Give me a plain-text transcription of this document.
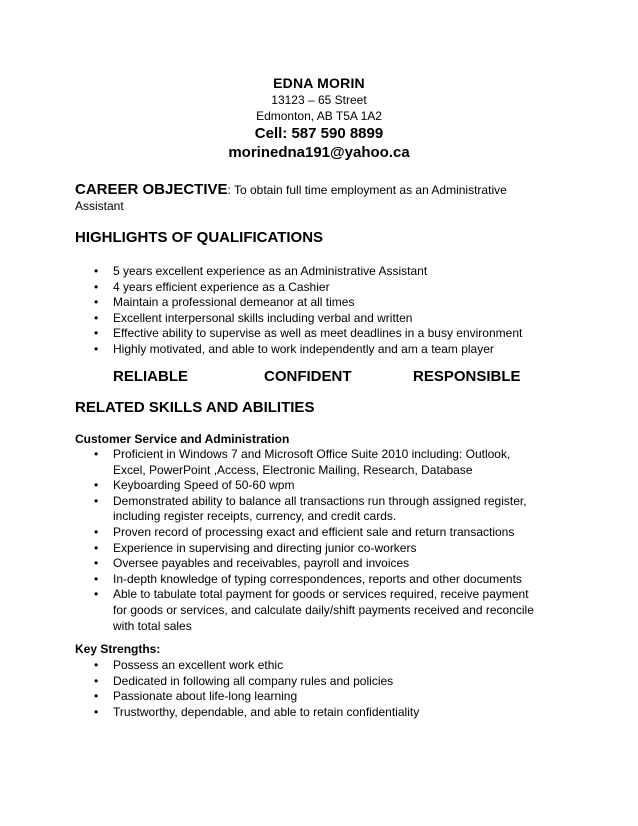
EDNA MORIN
13123 – 65 Street
Edmonton, AB T5A 1A2
Cell: 587 590 8899
morinedna191@yahoo.ca
CAREER OBJECTIVE: To obtain full time employment as an Administrative Assistant
HIGHLIGHTS OF QUALIFICATIONS
• 5 years excellent experience as an Administrative Assistant
• 4 years efficient experience as a Cashier
• Maintain a professional demeanor at all times
• Excellent interpersonal skills including verbal and written
• Effective ability to supervise as well as meet deadlines in a busy environment
• Highly motivated, and able to work independently and am a team player
RELIABLE	CONFIDENT	RESPONSIBLE
RELATED SKILLS AND ABILITIES
Customer Service and Administration
• Proficient in Windows 7 and Microsoft Office Suite 2010 including: Outlook, Excel, PowerPoint ,Access, Electronic Mailing, Research, Database
• Keyboarding Speed of 50-60 wpm
• Demonstrated ability to balance all transactions run through assigned register, including register receipts, currency, and credit cards.
• Proven record of processing exact and efficient sale and return transactions
• Experience in supervising and directing junior co-workers
• Oversee payables and receivables, payroll and invoices
• In-depth knowledge of typing correspondences, reports and other documents
• Able to tabulate total payment for goods or services required, receive payment for goods or services, and calculate daily/shift payments received and reconcile with total sales
Key Strengths:
• Possess an excellent work ethic
• Dedicated in following all company rules and policies
• Passionate about life-long learning
• Trustworthy, dependable, and able to retain confidentiality
